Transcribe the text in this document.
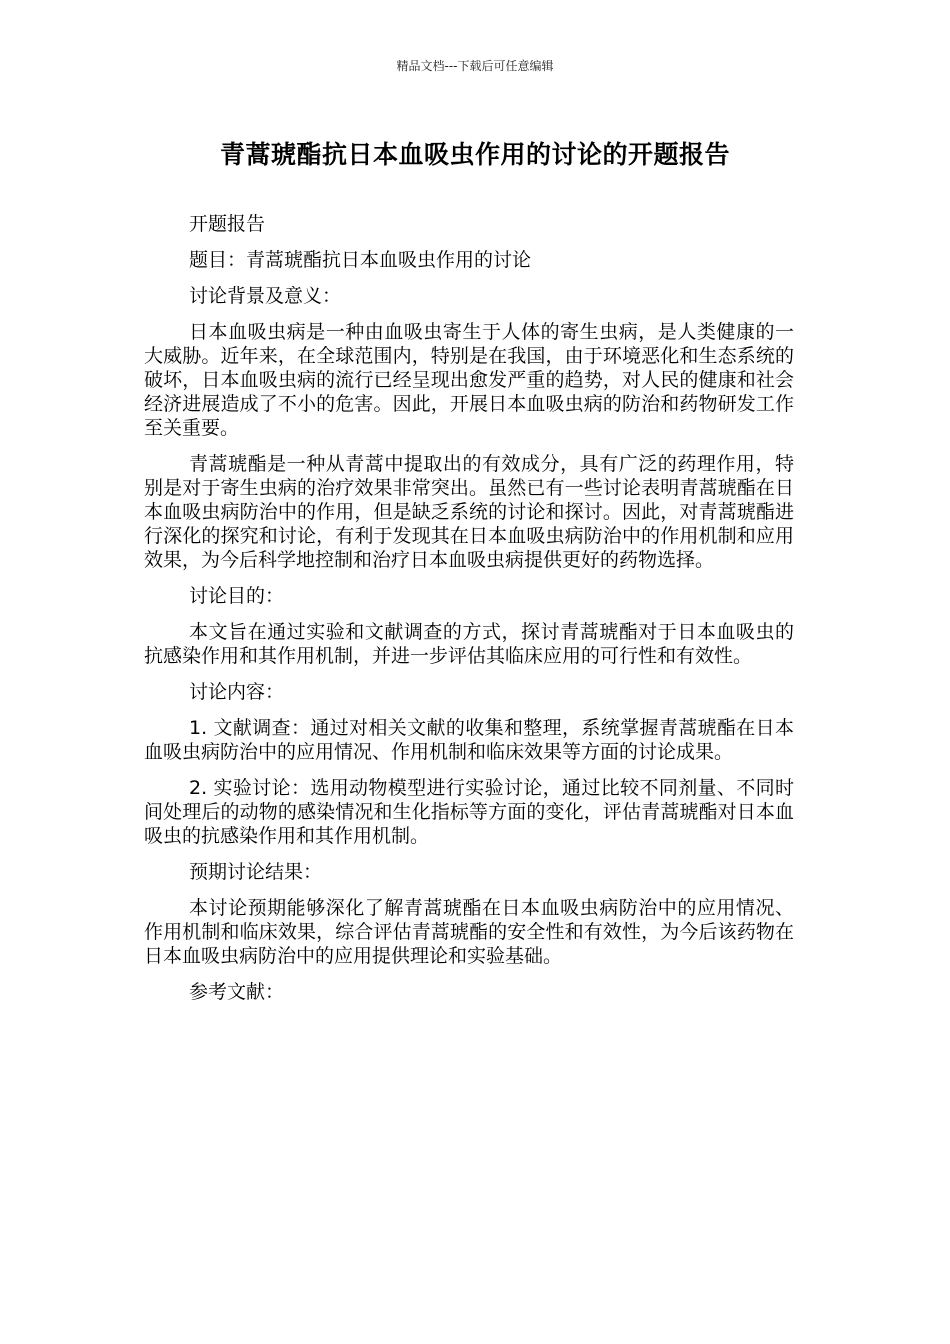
精品文档---下载后可任意编辑
青蒿琥酯抗日本血吸虫作用的讨论的开题报告

开题报告

题目：青蒿琥酯抗日本血吸虫作用的讨论

讨论背景及意义：

日本血吸虫病是一种由血吸虫寄生于人体的寄生虫病，是人类健康的一大威胁。近年来，在全球范围内，特别是在我国，由于环境恶化和生态系统的破坏，日本血吸虫病的流行已经呈现出愈发严重的趋势，对人民的健康和社会经济进展造成了不小的危害。因此，开展日本血吸虫病的防治和药物研发工作至关重要。

青蒿琥酯是一种从青蒿中提取出的有效成分，具有广泛的药理作用，特别是对于寄生虫病的治疗效果非常突出。虽然已有一些讨论表明青蒿琥酯在日本血吸虫病防治中的作用，但是缺乏系统的讨论和探讨。因此，对青蒿琥酯进行深化的探究和讨论，有利于发现其在日本血吸虫病防治中的作用机制和应用效果，为今后科学地控制和治疗日本血吸虫病提供更好的药物选择。

讨论目的：

本文旨在通过实验和文献调查的方式，探讨青蒿琥酯对于日本血吸虫的抗感染作用和其作用机制，并进一步评估其临床应用的可行性和有效性。

讨论内容：

1. 文献调查：通过对相关文献的收集和整理，系统掌握青蒿琥酯在日本血吸虫病防治中的应用情况、作用机制和临床效果等方面的讨论成果。

2. 实验讨论：选用动物模型进行实验讨论，通过比较不同剂量、不同时间处理后的动物的感染情况和生化指标等方面的变化，评估青蒿琥酯对日本血吸虫的抗感染作用和其作用机制。

预期讨论结果：

本讨论预期能够深化了解青蒿琥酯在日本血吸虫病防治中的应用情况、作用机制和临床效果，综合评估青蒿琥酯的安全性和有效性，为今后该药物在日本血吸虫病防治中的应用提供理论和实验基础。

参考文献：
